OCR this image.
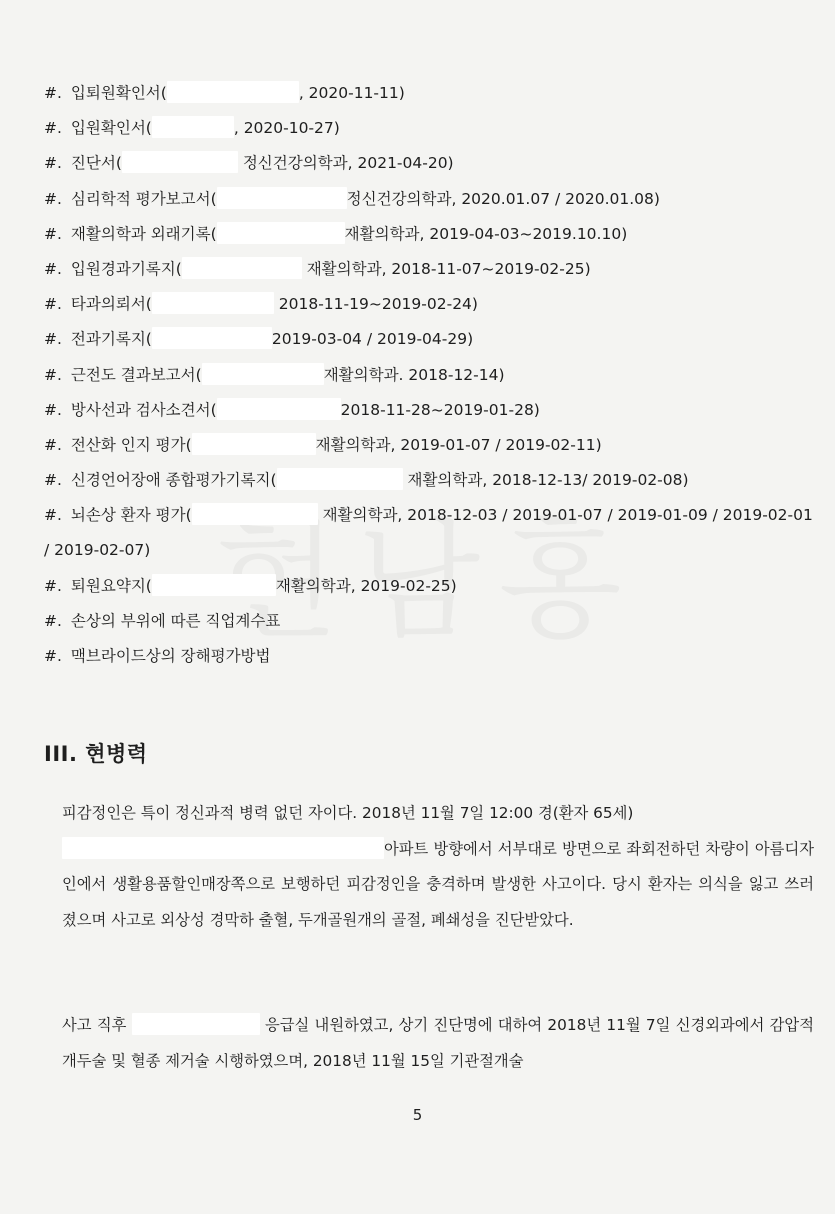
#. 입퇴원확인서(	, 2020-11-11)
#. 입원확인서(	, 2020-10-27)
#. 진단서(	정신건강의학과, 2021-04-20)
#. 심리학적 평가보고서(	정신건강의학과, 2020.01.07 / 2020.01.08)
#. 재활의학과 외래기록(	재활의학과, 2019-04-03~2019.10.10)
#. 입원경과기록지(	재활의학과, 2018-11-07~2019-02-25)
#. 타과의뢰서(	2018-11-19~2019-02-24)
#. 전과기록지(	2019-03-04 / 2019-04-29)
#. 근전도 결과보고서(	재활의학과. 2018-12-14)
#. 방사선과 검사소견서(	2018-11-28~2019-01-28)
#. 전산화 인지 평가(	재활의학과, 2019-01-07 / 2019-02-11)
#. 신경언어장애 종합평가기록지(	재활의학과, 2018-12-13/ 2019-02-08)
#. 뇌손상 환자 평가(	재활의학과, 2018-12-03 / 2019-01-07 / 2019-01-09 / 2019-02-01 / 2019-02-07)
#. 퇴원요약지(	재활의학과, 2019-02-25)
#. 손상의 부위에 따른 직업계수표
#. 맥브라이드상의 장해평가방법
III. 현병력
피감정인은 특이 정신과적 병력 없던 자이다. 2018년 11월 7일 12:00 경(환자 65세)
아파트 방향에서 서부대로 방면으로 좌회전하던 차량이 아름디자인에서 생활용품할인매장쪽으로 보행하던 피감정인을 충격하며 발생한 사고이다. 당시 환자는 의식을 잃고 쓰러졌으며 사고로 외상성 경막하 출혈, 두개골원개의 골절, 폐쇄성을 진단받았다.
사고 직후	응급실 내원하였고, 상기 진단명에 대하여 2018년 11월 7일 신경외과에서 감압적 개두술 및 혈종 제거술 시행하였으며, 2018년 11월 15일 기관절개술
5
